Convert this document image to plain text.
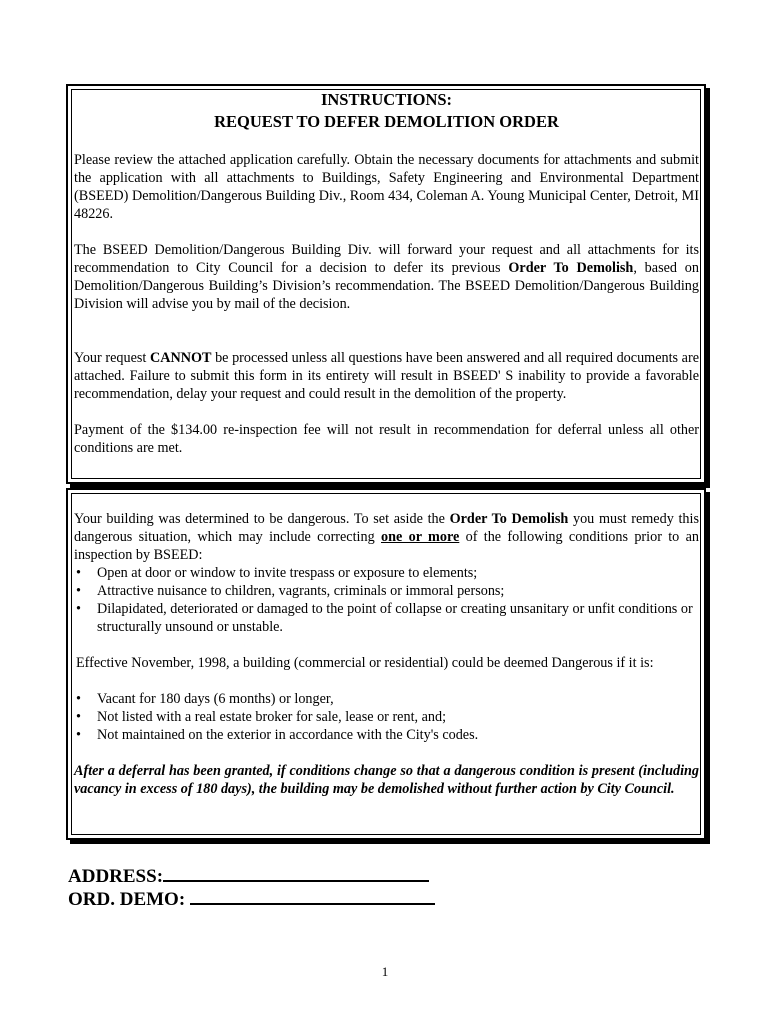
INSTRUCTIONS:
REQUEST TO DEFER DEMOLITION ORDER

Please review the attached application carefully. Obtain the necessary documents for attachments and submit the application with all attachments to Buildings, Safety Engineering and Environmental Department (BSEED) Demolition/Dangerous Building Div., Room 434, Coleman A. Young Municipal Center, Detroit, MI 48226.

The BSEED Demolition/Dangerous Building Div. will forward your request and all attachments for its recommendation to City Council for a decision to defer its previous Order To Demolish, based on Demolition/Dangerous Building’s Division’s recommendation. The BSEED Demolition/Dangerous Building Division will advise you by mail of the decision.

Your request CANNOT be processed unless all questions have been answered and all required documents are attached. Failure to submit this form in its entirety will result in BSEED' S inability to provide a favorable recommendation, delay your request and could result in the demolition of the property.

Payment of the $134.00 re-inspection fee will not result in recommendation for deferral unless all other conditions are met.

Your building was determined to be dangerous. To set aside the Order To Demolish you must remedy this dangerous situation, which may include correcting one or more of the following conditions prior to an inspection by BSEED:

• Open at door or window to invite trespass or exposure to elements;
• Attractive nuisance to children, vagrants, criminals or immoral persons;
• Dilapidated, deteriorated or damaged to the point of collapse or creating unsanitary or unfit conditions or structurally unsound or unstable.

Effective November, 1998, a building (commercial or residential) could be deemed Dangerous if it is:

• Vacant for 180 days (6 months) or longer,
• Not listed with a real estate broker for sale, lease or rent, and;
• Not maintained on the exterior in accordance with the City's codes.

After a deferral has been granted, if conditions change so that a dangerous condition is present (including vacancy in excess of 180 days), the building may be demolished without further action by City Council.

ADDRESS:
ORD. DEMO:
1
